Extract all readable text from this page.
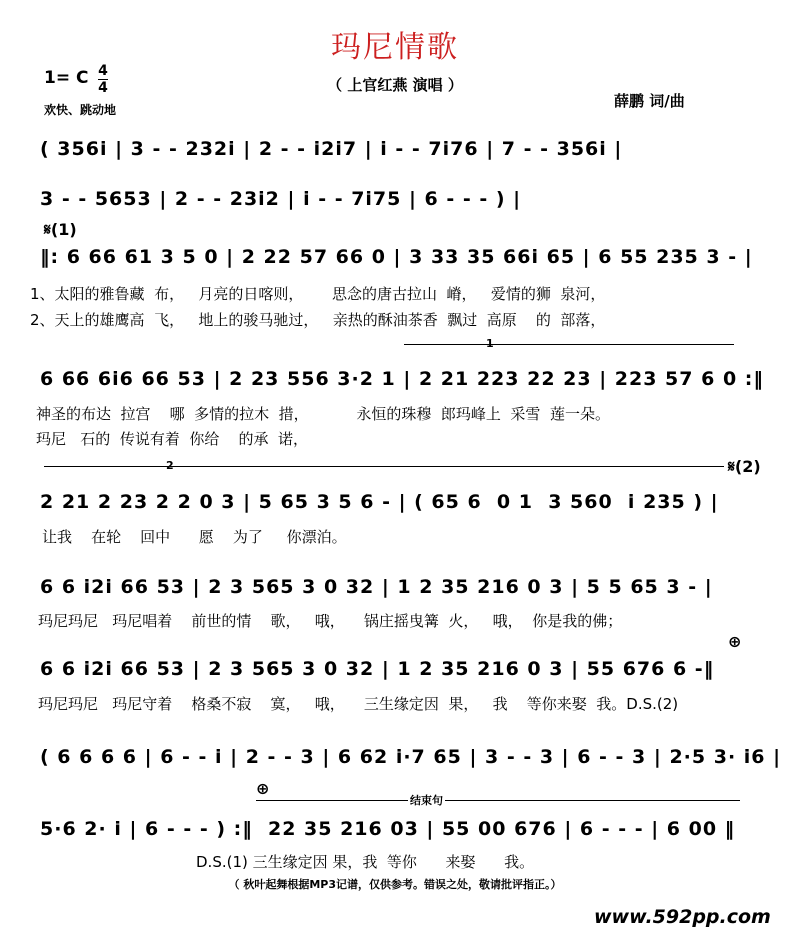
玛尼情歌
（ 上官红燕 演唱 ）
1= C 4
4
欢快、跳动地	薛鹏 词/曲
( 356i | 3 - - 232i | 2 - - i2i7 | i - - 7i76 | 7 - - 356i |
3 - - 5653 | 2 - - 23i2 | i - - 7i75 | 6 - - - ) |
𝄋(1)
‖: 6 66 61 3 5 0 | 2 22 57 66 0 | 3 33 35 66i 65 | 6 55 235 3 - |
1、太阳的雅鲁藏  布，   月亮的日喀则，      思念的唐古拉山  嵴，   爱情的狮  泉河，
2、天上的雄鹰高  飞，   地上的骏马驰过，   亲热的酥油茶香  飘过  高原    的  部落，
1
6 66 6i6 66 53 | 2 23 556 3·2 1 | 2 21 223 22 23 | 223 57 6 0 :‖
神圣的布达  拉宫    哪  多情的拉木  措，          永恒的珠穆  郎玛峰上  采雪  莲一朵。
玛尼   石的  传说有着  你给    的承  诺，
2	𝄋(2)
2 21 2 23 2 2 0 3 | 5 65 3 5 6 - | ( 65 6  0 1  3 560  i 235 ) |
让我    在轮    回中      愿    为了     你漂泊。
6 6 i2i 66 53 | 2 3 565 3 0 32 | 1 2 35 216 0 3 | 5 5 65 3 - |
玛尼玛尼   玛尼唱着    前世的情    歌，   哦，    锅庄摇曳篝  火，   哦，  你是我的佛；
⊕
6 6 i2i 66 53 | 2 3 565 3 0 32 | 1 2 35 216 0 3 | 55 676 6 -‖
玛尼玛尼   玛尼守着    格桑不寂    寞，   哦，    三生缘定因  果，   我    等你来娶  我。D.S.(2)
( 6 6 6 6 | 6 - - i | 2 - - 3 | 6 62 i·7 65 | 3 - - 3 | 6 - - 3 | 2·5 3· i6 |
⊕
结束句
5·6 2· i | 6 - - - ) :‖  22 35 216 03 | 55 00 676 | 6 - - - | 6 00 ‖
D.S.(1) 三生缘定因 果，我  等你      来娶      我。
（ 秋叶起舞根据MP3记谱，仅供参考。错误之处，敬请批评指正。）
www.592pp.com
